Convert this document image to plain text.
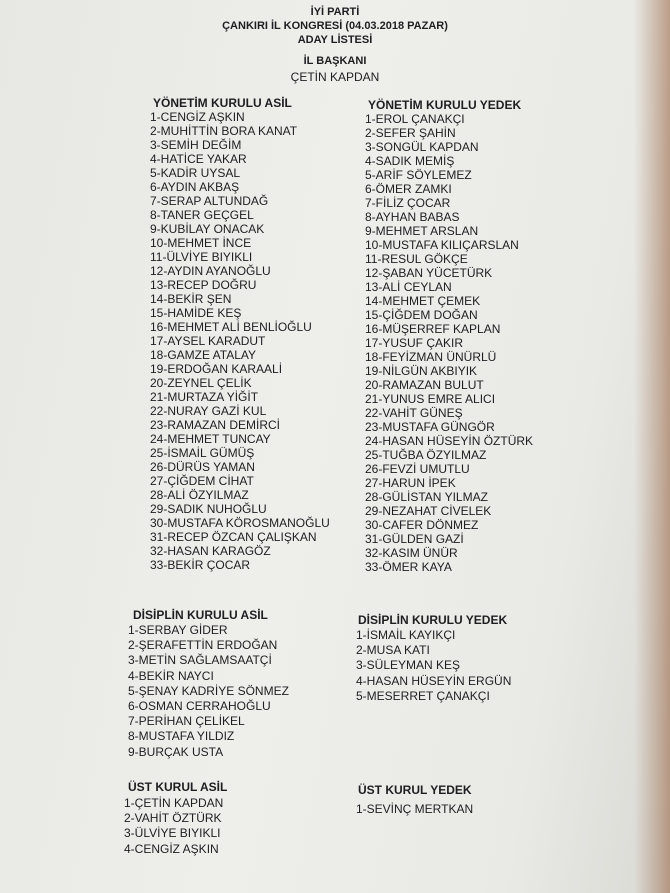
İYİ PARTİ
ÇANKIRI İL KONGRESİ (04.03.2018 PAZAR)
ADAY LİSTESİ
İL BAŞKANI
ÇETİN KAPDAN
YÖNETİM KURULU ASİL
1-CENGİZ AŞKIN
2-MUHİTTİN BORA KANAT
3-SEMİH DEĞİM
4-HATİCE YAKAR
5-KADİR UYSAL
6-AYDIN AKBAŞ
7-SERAP ALTUNDAĞ
8-TANER GEÇGEL
9-KUBİLAY ONACAK
10-MEHMET İNCE
11-ÜLVİYE BIYIKLI
12-AYDIN AYANOĞLU
13-RECEP DOĞRU
14-BEKİR ŞEN
15-HAMİDE KEŞ
16-MEHMET ALİ BENLİOĞLU
17-AYSEL KARADUT
18-GAMZE ATALAY
19-ERDOĞAN KARAALİ
20-ZEYNEL ÇELİK
21-MURTAZA YİĞİT
22-NURAY GAZİ KUL
23-RAMAZAN DEMİRCİ
24-MEHMET TUNCAY
25-İSMAİL GÜMÜŞ
26-DÜRÜS YAMAN
27-ÇİĞDEM CİHAT
28-ALİ ÖZYILMAZ
29-SADIK NUHOĞLU
30-MUSTAFA KÖROSMANOĞLU
31-RECEP ÖZCAN ÇALIŞKAN
32-HASAN KARAGÖZ
33-BEKİR ÇOCAR
YÖNETİM KURULU YEDEK
1-EROL ÇANAKÇI
2-SEFER ŞAHİN
3-SONGÜL KAPDAN
4-SADIK MEMİŞ
5-ARİF SÖYLEMEZ
6-ÖMER ZAMKI
7-FİLİZ ÇOCAR
8-AYHAN BABAS
9-MEHMET ARSLAN
10-MUSTAFA KILIÇARSLAN
11-RESUL GÖKÇE
12-ŞABAN YÜCETÜRK
13-ALİ CEYLAN
14-MEHMET ÇEMEK
15-ÇİĞDEM DOĞAN
16-MÜŞERREF KAPLAN
17-YUSUF ÇAKIR
18-FEYİZMAN ÜNÜRLÜ
19-NİLGÜN AKBIYIK
20-RAMAZAN BULUT
21-YUNUS EMRE ALICI
22-VAHİT GÜNEŞ
23-MUSTAFA GÜNGÖR
24-HASAN HÜSEYİN ÖZTÜRK
25-TUĞBA ÖZYILMAZ
26-FEVZİ UMUTLU
27-HARUN İPEK
28-GÜLİSTAN YILMAZ
29-NEZAHAT CİVELEK
30-CAFER DÖNMEZ
31-GÜLDEN GAZİ
32-KASIM ÜNÜR
33-ÖMER KAYA
DİSİPLİN KURULU ASİL
1-SERBAY GİDER
2-ŞERAFETTİN ERDOĞAN
3-METİN SAĞLAMSAATÇİ
4-BEKİR NAYCI
5-ŞENAY KADRİYE SÖNMEZ
6-OSMAN CERRAHOĞLU
7-PERİHAN ÇELİKEL
8-MUSTAFA YILDIZ
9-BURÇAK USTA
DİSİPLİN KURULU YEDEK
1-İSMAİL KAYIKÇI
2-MUSA KATI
3-SÜLEYMAN KEŞ
4-HASAN HÜSEYİN ERGÜN
5-MESERRET ÇANAKÇI
ÜST KURUL ASİL
1-ÇETİN KAPDAN
2-VAHİT ÖZTÜRK
3-ÜLVİYE BIYIKLI
4-CENGİZ AŞKIN
ÜST KURUL YEDEK
1-SEVİNÇ MERTKAN
